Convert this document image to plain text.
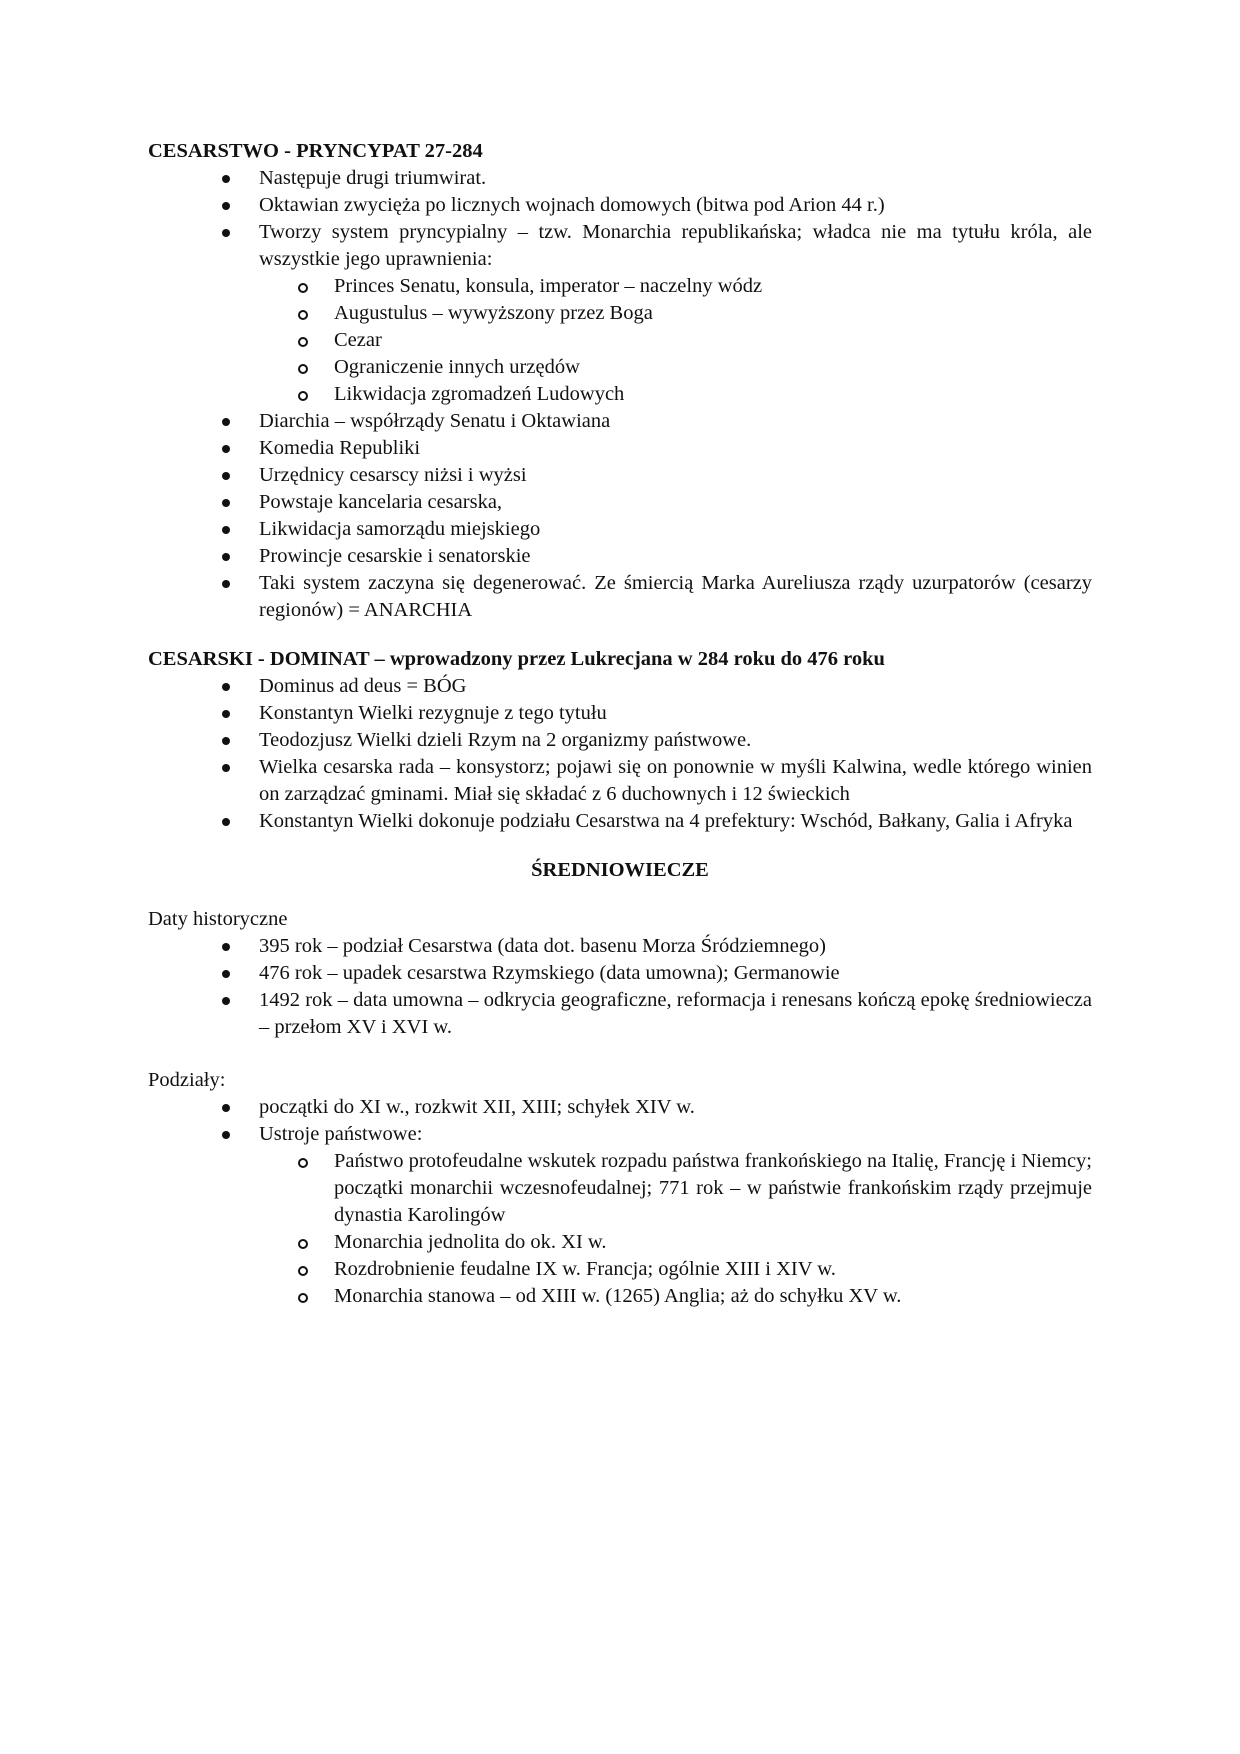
CESARSTWO - PRYNCYPAT 27-284

Następuje drugi triumwirat.
Oktawian zwycięża po licznych wojnach domowych (bitwa pod Arion 44 r.)
Tworzy system pryncypialny – tzw. Monarchia republikańska; władca nie ma tytułu króla, ale wszystkie jego uprawnienia:
Princes Senatu, konsula, imperator – naczelny wódz
Augustulus – wywyższony przez Boga
Cezar
Ograniczenie innych urzędów
Likwidacja zgromadzeń Ludowych
Diarchia – współrządy Senatu i Oktawiana
Komedia Republiki
Urzędnicy cesarscy niżsi i wyżsi
Powstaje kancelaria cesarska,
Likwidacja samorządu miejskiego
Prowincje cesarskie i senatorskie
Taki system zaczyna się degenerować. Ze śmiercią Marka Aureliusza rządy uzurpatorów (cesarzy regionów) = ANARCHIA

CESARSKI - DOMINAT – wprowadzony przez Lukrecjana w 284 roku do 476 roku

Dominus ad deus = BÓG
Konstantyn Wielki rezygnuje z tego tytułu
Teodozjusz Wielki dzieli Rzym na 2 organizmy państwowe.
Wielka cesarska rada – konsystorz; pojawi się on ponownie w myśli Kalwina, wedle którego winien on zarządzać gminami. Miał się składać z 6 duchownych i 12 świeckich
Konstantyn Wielki dokonuje podziału Cesarstwa na 4 prefektury: Wschód, Bałkany, Galia i Afryka

ŚREDNIOWIECZE

Daty historyczne

395 rok – podział Cesarstwa (data dot. basenu Morza Śródziemnego)
476 rok – upadek cesarstwa Rzymskiego (data umowna); Germanowie
1492 rok – data umowna – odkrycia geograficzne, reformacja i renesans kończą epokę średniowiecza – przełom XV i XVI w.

Podziały:

początki do XI w., rozkwit XII, XIII; schyłek XIV w.
Ustroje państwowe:
Państwo protofeudalne wskutek rozpadu państwa frankońskiego na Italię, Francję i Niemcy; początki monarchii wczesnofeudalnej; 771 rok – w państwie frankońskim rządy przejmuje dynastia Karolingów
Monarchia jednolita do ok. XI w.
Rozdrobnienie feudalne IX w. Francja; ogólnie XIII i XIV w.
Monarchia stanowa – od XIII w. (1265) Anglia; aż do schyłku XV w.
